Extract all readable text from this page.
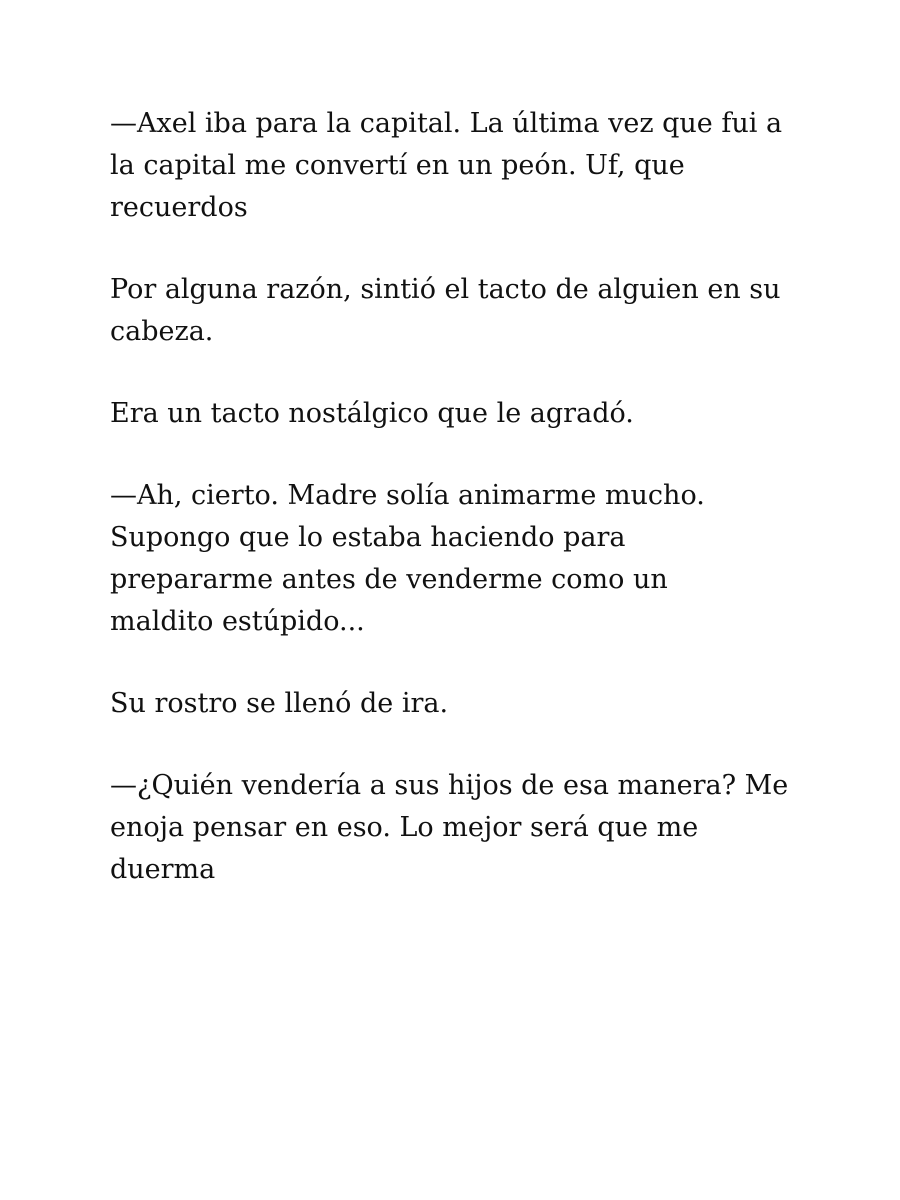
—Axel iba para la capital. La última vez que fui a
la capital me convertí en un peón. Uf, que
recuerdos

Por alguna razón, sintió el tacto de alguien en su
cabeza.

Era un tacto nostálgico que le agradó.

—Ah, cierto. Madre solía animarme mucho.
Supongo que lo estaba haciendo para
prepararme antes de venderme como un
maldito estúpido...

Su rostro se llenó de ira.

—¿Quién vendería a sus hijos de esa manera? Me
enoja pensar en eso. Lo mejor será que me
duerma
